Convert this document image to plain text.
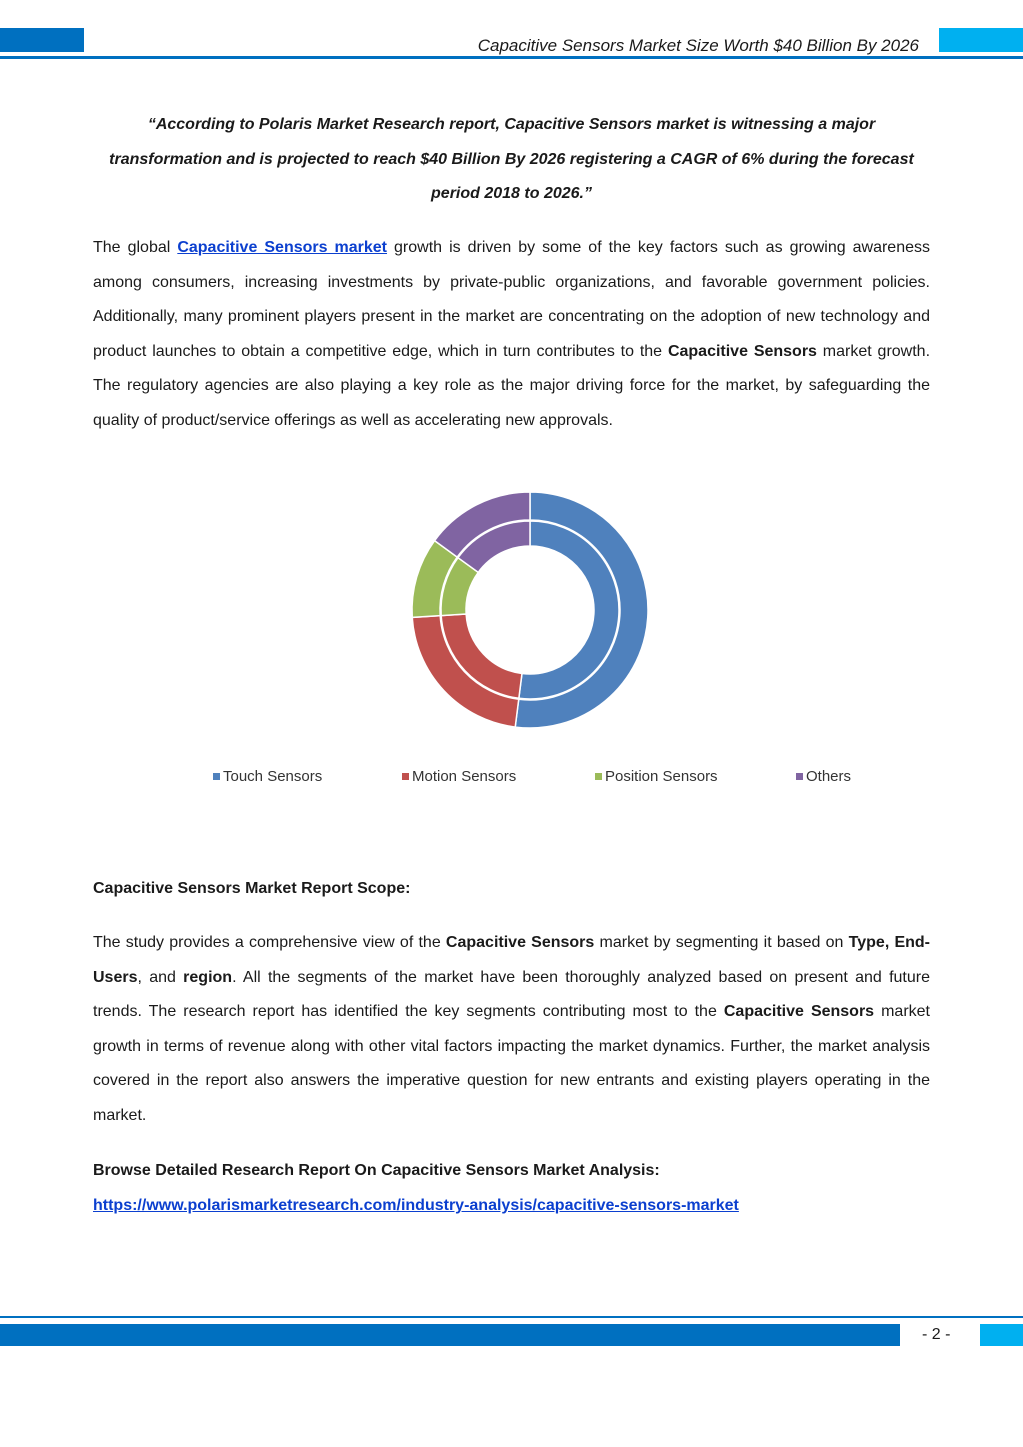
Capacitive Sensors Market Size Worth $40 Billion By 2026
“According to Polaris Market Research report, Capacitive Sensors market is witnessing a major transformation and is projected to reach $40 Billion By 2026 registering a CAGR of 6% during the forecast period 2018 to 2026.”
The global Capacitive Sensors market growth is driven by some of the key factors such as growing awareness among consumers, increasing investments by private-public organizations, and favorable government policies. Additionally, many prominent players present in the market are concentrating on the adoption of new technology and product launches to obtain a competitive edge, which in turn contributes to the Capacitive Sensors market growth. The regulatory agencies are also playing a key role as the major driving force for the market, by safeguarding the quality of product/service offerings as well as accelerating new approvals.
Touch Sensors	Motion Sensors	Position Sensors	Others
Capacitive Sensors Market Report Scope:
The study provides a comprehensive view of the Capacitive Sensors market by segmenting it based on Type, End-Users, and region. All the segments of the market have been thoroughly analyzed based on present and future trends. The research report has identified the key segments contributing most to the Capacitive Sensors market growth in terms of revenue along with other vital factors impacting the market dynamics. Further, the market analysis covered in the report also answers the imperative question for new entrants and existing players operating in the market.
Browse Detailed Research Report On Capacitive Sensors Market Analysis:
https://www.polarismarketresearch.com/industry-analysis/capacitive-sensors-market
- 2 -
